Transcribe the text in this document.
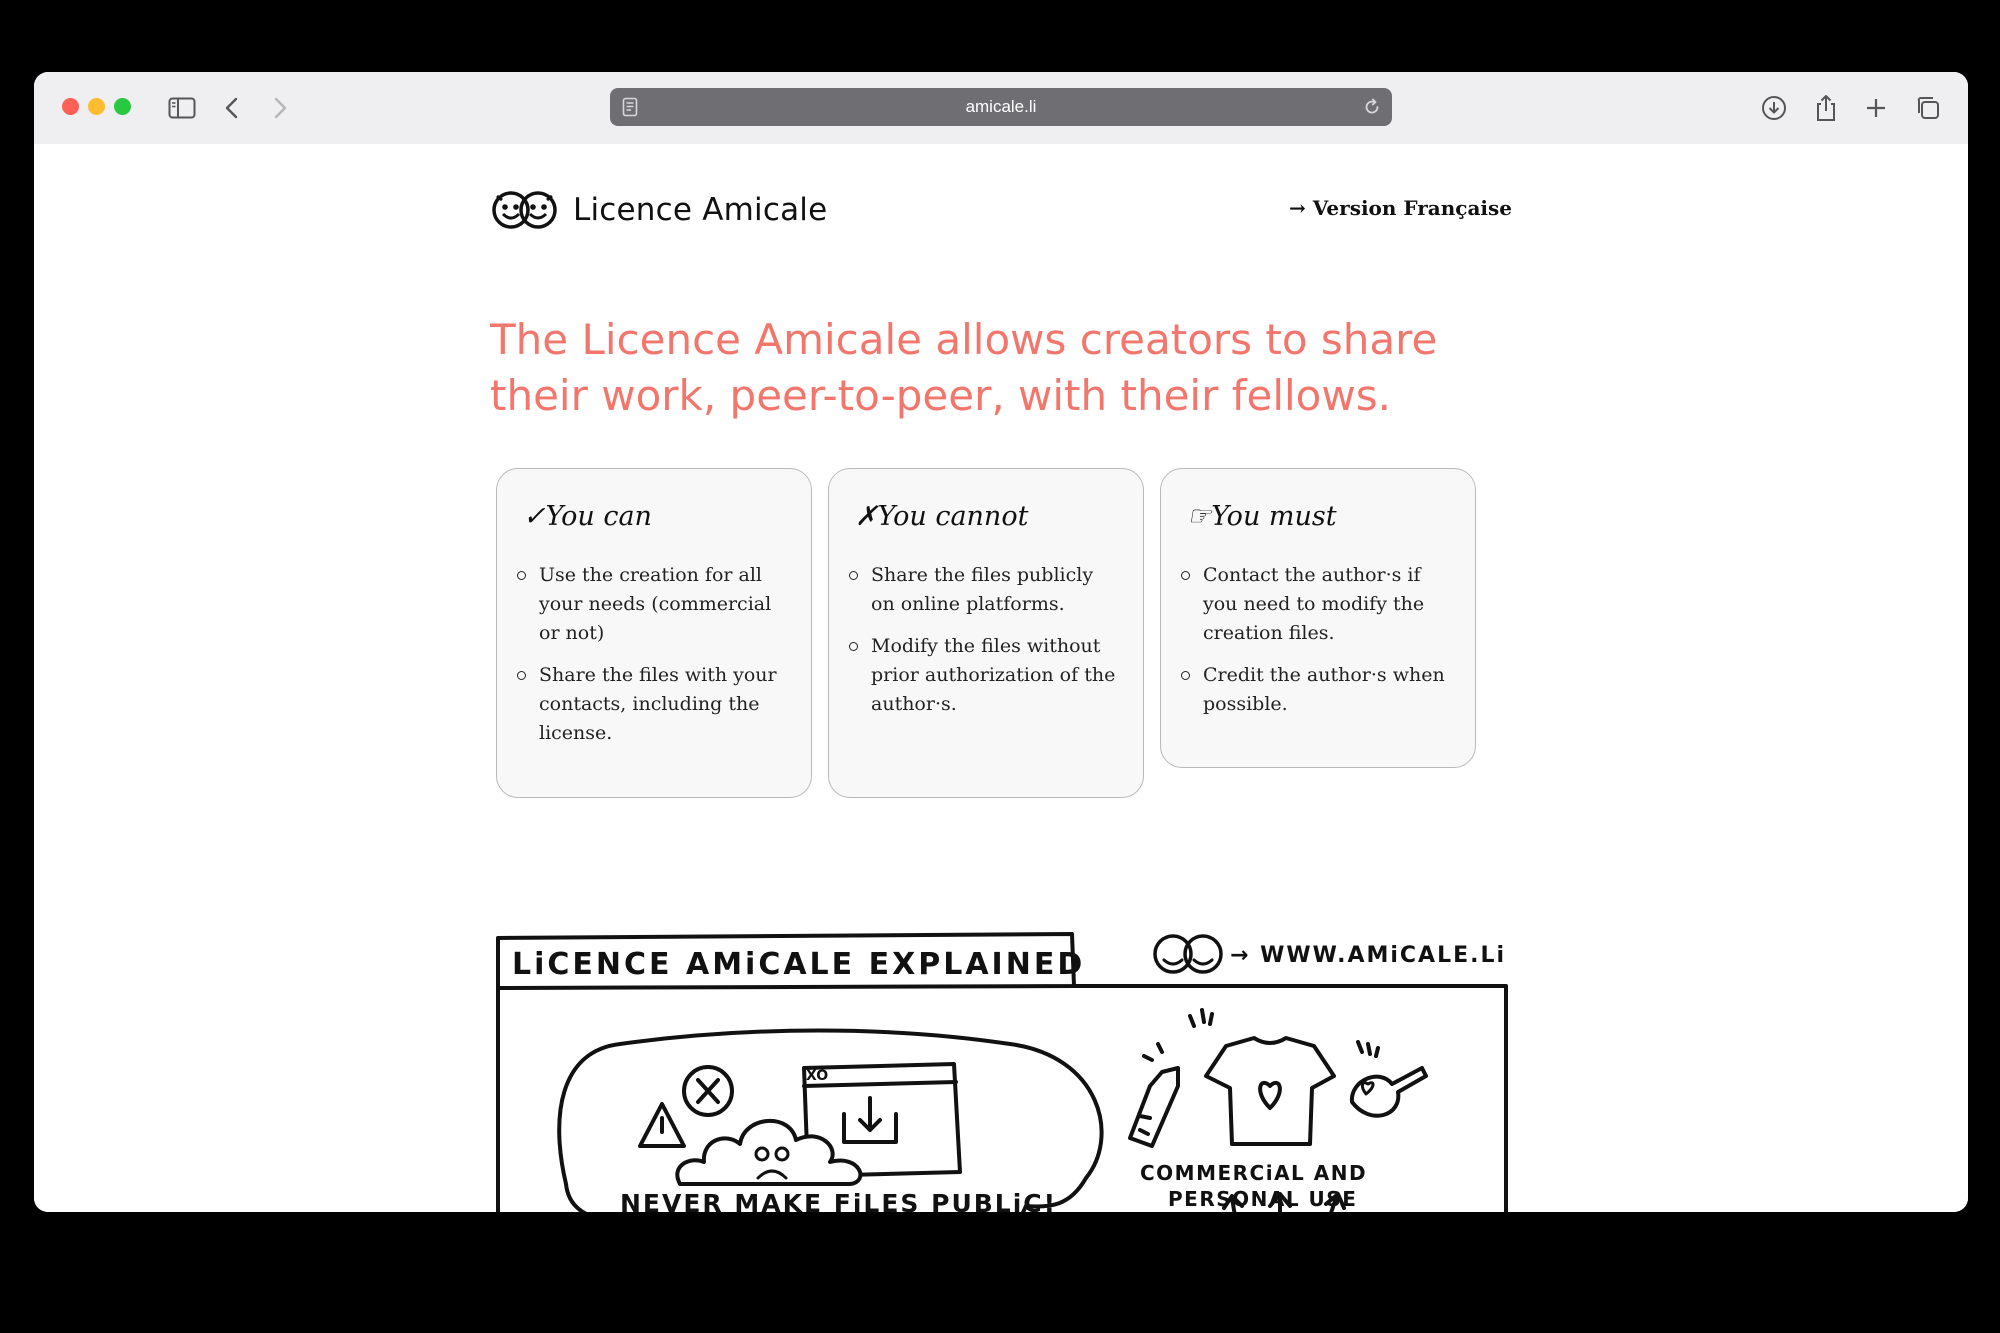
amicale.li
Licence Amicale	→ Version Française
The Licence Amicale allows creators to share their work, peer-to-peer, with their fellows.
✓You can
Use the creation for all your needs (commercial or not)
Share the files with your contacts, including the license.
✗You cannot
Share the files publicly on online platforms.
Modify the files without prior authorization of the author·s.
☞You must
Contact the author·s if you need to modify the creation files.
Credit the author·s when possible.
LiCENCE AMiCALE EXPLAINED	→ WWW.AMiCALE.Li
NEVER MAKE FiLES PUBLiC!
XO
COMMERCiAL AND
PERSONAL USE
